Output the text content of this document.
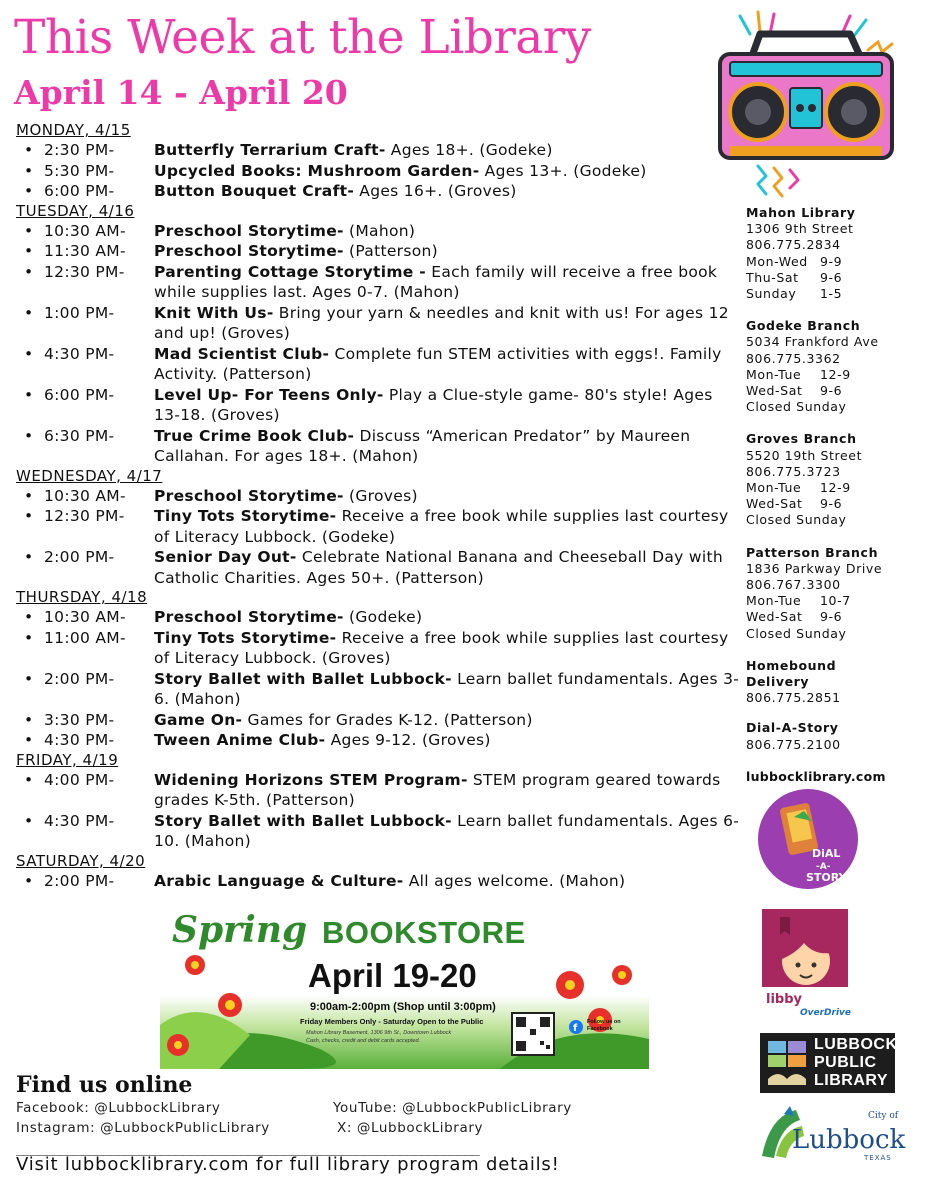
This Week at the Library
April 14 - April 20
MONDAY, 4/15
• 2:30 PM-	Butterfly Terrarium Craft- Ages 18+. (Godeke)
• 5:30 PM-	Upcycled Books: Mushroom Garden- Ages 13+. (Godeke)
• 6:00 PM-	Button Bouquet Craft- Ages 16+. (Groves)
TUESDAY, 4/16
• 10:30 AM- Preschool Storytime- (Mahon)
• 11:30 AM- Preschool Storytime- (Patterson)
• 12:30 PM- Parenting Cottage Storytime - Each family will receive a free book while supplies last. Ages 0-7. (Mahon)
• 1:00 PM-	Knit With Us- Bring your yarn & needles and knit with us! For ages 12 and up! (Groves)
• 4:30 PM-	Mad Scientist Club- Complete fun STEM activities with eggs!. Family Activity. (Patterson)
• 6:00 PM-	Level Up- For Teens Only- Play a Clue-style game- 80's style! Ages 13-18. (Groves)
• 6:30 PM-	True Crime Book Club- Discuss “American Predator” by Maureen Callahan. For ages 18+. (Mahon)
WEDNESDAY, 4/17
• 10:30 AM- Preschool Storytime- (Groves)
• 12:30 PM- Tiny Tots Storytime- Receive a free book while supplies last courtesy of Literacy Lubbock. (Godeke)
• 2:00 PM-	Senior Day Out- Celebrate National Banana and Cheeseball Day with Catholic Charities. Ages 50+. (Patterson)
THURSDAY, 4/18
• 10:30 AM- Preschool Storytime- (Godeke)
• 11:00 AM- Tiny Tots Storytime- Receive a free book while supplies last courtesy of Literacy Lubbock. (Groves)
• 2:00 PM-	Story Ballet with Ballet Lubbock- Learn ballet fundamentals. Ages 3-6. (Mahon)
• 3:30 PM-	Game On- Games for Grades K-12. (Patterson)
• 4:30 PM-	Tween Anime Club- Ages 9-12. (Groves)
FRIDAY, 4/19
• 4:00 PM-	Widening Horizons STEM Program- STEM program geared towards grades K-5th. (Patterson)
• 4:30 PM-	Story Ballet with Ballet Lubbock- Learn ballet fundamentals. Ages 6-10. (Mahon)
SATURDAY, 4/20
• 2:00 PM-	Arabic Language & Culture- All ages welcome. (Mahon)
Mahon Library
1306 9th Street
806.775.2834
Mon-Wed 9-9
Thu-Sat	9-6
Sunday	1-5
Godeke Branch
5034 Frankford Ave
806.775.3362
Mon-Tue	12-9
Wed-Sat	9-6
Closed Sunday
Groves Branch
5520 19th Street
806.775.3723
Mon-Tue	12-9
Wed-Sat	9-6
Closed Sunday
Patterson Branch
1836 Parkway Drive
806.767.3300
Mon-Tue	10-7
Wed-Sat	9-6
Closed Sunday
Homebound Delivery
806.775.2851
Dial-A-Story
806.775.2100
lubbocklibrary.com
DiAL
-A-
STORY
libby
OverDrive
LUBBOCK
PUBLIC
LIBRARY
City of
Lubbock
TEXAS
f
Spring BOOKSTORE
April 19-20
9:00am-2:00pm (Shop until 3:00pm)
Friday Members Only - Saturday Open to the Public
Mahon Library Basement, 1306 9th St., Downtown Lubbock
Cash, checks, credit and debit cards accepted.
Follow us on Facebook
Find us online
Facebook: @LubbockLibrary
Instagram: @LubbockPublicLibrary
YouTube: @LubbockPublicLibrary
X: @LubbockLibrary
________________________________________________________________
Visit lubbocklibrary.com for full library program details!
